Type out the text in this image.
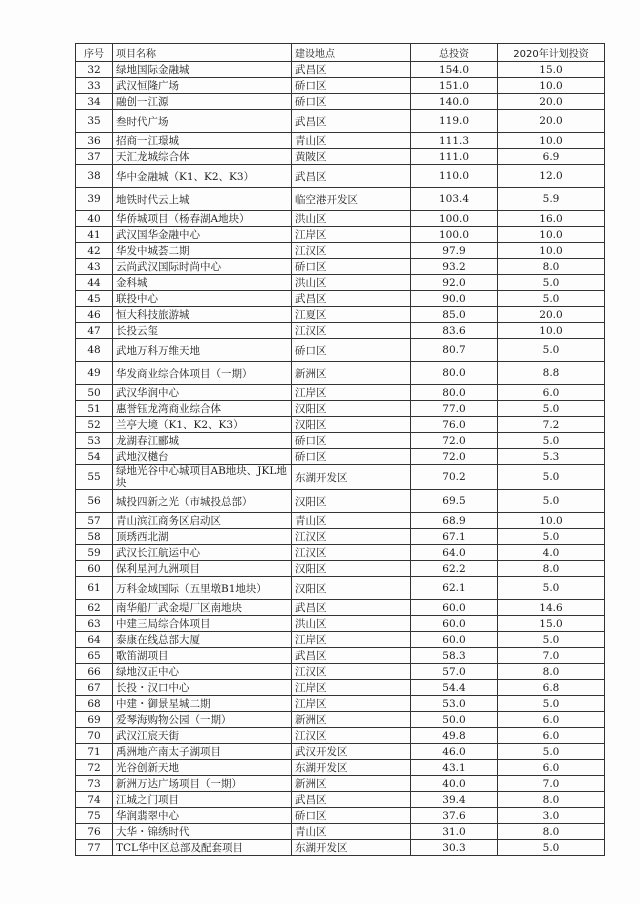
序号	项目名称	建设地点	总投资	2020年计划投资
32	绿地国际金融城	武昌区	154.0	15.0
33	武汉恒隆广场	硚口区	151.0	10.0
34	融创一江源	硚口区	140.0	20.0
35	叁时代广场	武昌区	119.0	20.0
36	招商一江璟城	青山区	111.3	10.0
37	天汇龙城综合体	黄陂区	111.0	6.9
38	华中金融城（K1、K2、K3）	武昌区	110.0	12.0
39	地铁时代云上城	临空港开发区	103.4	5.9
40	华侨城项目（杨春湖A地块）	洪山区	100.0	16.0
41	武汉国华金融中心	江岸区	100.0	10.0
42	华发中城荟二期	江汉区	97.9	10.0
43	云尚武汉国际时尚中心	硚口区	93.2	8.0
44	金科城	洪山区	92.0	5.0
45	联投中心	武昌区	90.0	5.0
46	恒大科技旅游城	江夏区	85.0	20.0
47	长投云玺	江汉区	83.6	10.0
48	武地万科万维天地	硚口区	80.7	5.0
49	华发商业综合体项目（一期）	新洲区	80.0	8.8
50	武汉华润中心	江岸区	80.0	6.0
51	惠誉钰龙湾商业综合体	汉阳区	77.0	5.0
52	兰亭大境（K1、K2、K3）	汉阳区	76.0	7.2
53	龙湖春江郦城	硚口区	72.0	5.0
54	武地汉樾台	硚口区	72.0	5.3
55	绿地光谷中心城项目AB地块、JKL地块	东湖开发区	70.2	5.0
56	城投四新之光（市城投总部）	汉阳区	69.5	5.0
57	青山滨江商务区启动区	青山区	68.9	10.0
58	顶琇西北湖	江汉区	67.1	5.0
59	武汉长江航运中心	江汉区	64.0	4.0
60	保利星河九洲项目	汉阳区	62.2	8.0
61	万科金域国际（五里墩B1地块）	汉阳区	62.1	5.0
62	南华船厂武金堤厂区南地块	武昌区	60.0	14.6
63	中建三局综合体项目	洪山区	60.0	15.0
64	泰康在线总部大厦	江岸区	60.0	5.0
65	歌笛湖项目	武昌区	58.3	7.0
66	绿地汉正中心	江汉区	57.0	8.0
67	长投・汉口中心	江岸区	54.4	6.8
68	中建・御景星城二期	江岸区	53.0	5.0
69	爱琴海购物公园（一期）	新洲区	50.0	6.0
70	武汉江宸天街	江汉区	49.8	6.0
71	禹洲地产南太子湖项目	武汉开发区	46.0	5.0
72	光谷创新天地	东湖开发区	43.1	6.0
73	新洲万达广场项目（一期）	新洲区	40.0	7.0
74	江城之门项目	武昌区	39.4	8.0
75	华润翡翠中心	硚口区	37.6	3.0
76	大华・锦绣时代	青山区	31.0	8.0
77	TCL华中区总部及配套项目	东湖开发区	30.3	5.0
